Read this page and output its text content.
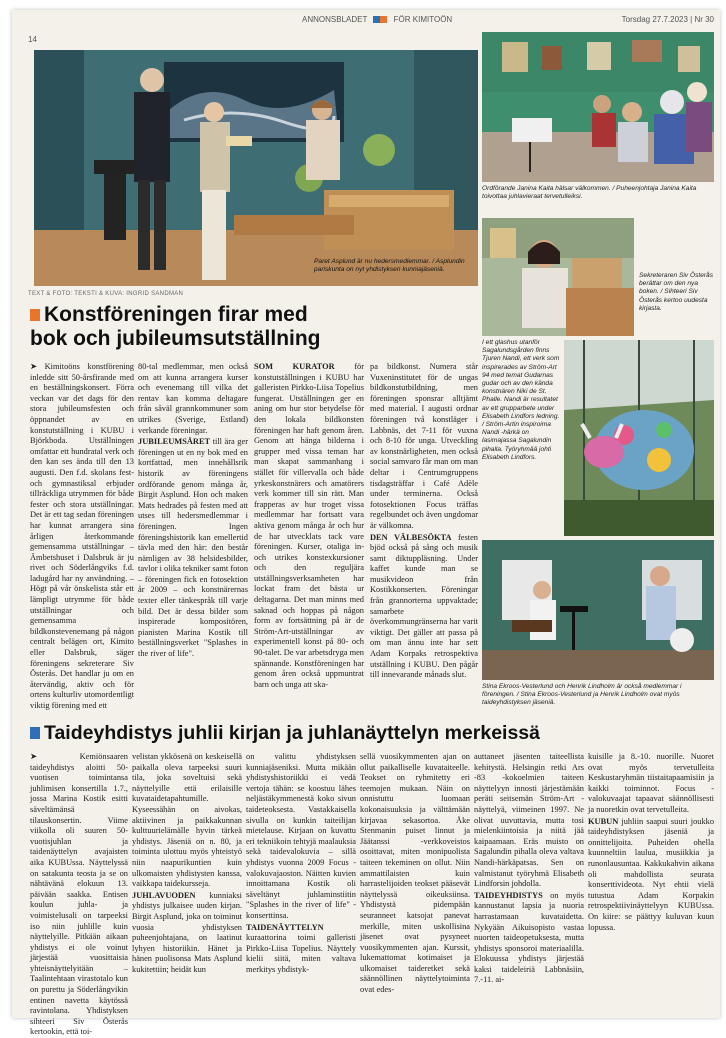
14
ANNONSBLADET	FÖR KIMITOÖN	Torsdag 27.7.2023 | Nr 30
Paret Asplund är nu hedersmedlemmar. / Asplundin pariskunta on nyt yhdistyksen kunniajäseniä.
TEXT & FOTO: TEKSTI & KUVA: INGRID SANDMAN
Ordförande Janina Kaita hälsar välkommen. / Puheenjohtaja Janina Kaita toivottaa juhlavieraat tervetulleiksi.
Sekreteraren Siv Österås berättar om den nya boken. / Sihteeri Siv Österås kertoo uudesta kirjasta.
I ett glashus utanför Sagalundsgården finns Tjuren Nandi, ett verk som inspirerades av Ström-Art 94 med temat Gudarnas gudar och av den kända konstnären Niki de St. Phalle. Nandi är resultatet av ett grupparbete under Elisabeth Lindfors ledning. / Ström-Artin inspiroima Nandi -härkä on lasimajassa Sagalundin pihalla. Työryhmää johti Elisabeth Lindfors.
Stina Ekroos-Vesterlund och Henrik Lindholm är också medlemmar i föreningen. / Stina Ekroos-Vesterlund ja Henrik Lindholm ovat myös taideyhdistyksen jäseniä.
Konstföreningen firar med
bok och jubileumsutställning

➤ Kimitoöns konstförening inledde sitt 50-årsfirande med en beställningskonsert. Förra veckan var det dags för den stora jubileumsfesten och öppnandet av en konstutställning i KUBU i Björkboda. Utställningen omfattar ett hundratal verk och den kan ses ända till den 13 augusti. Den f.d. skolans fest- och gymnastiksal erbjuder tillräckliga utrymmen för både fester och stora utställningar. Det är ett tag sedan föreningen har kunnat arrangera sina årligen återkommande gemensamma utställningar – Ämbetshuset i Dalsbruk är ju rivet och Söderlångviks f.d. ladugård har ny användning. – Högt på vår önskelista står ett lämpligt utrymme för både utställningar och gemensamma bildkonstevenemang på någon centralt belägen ort, Kimito eller Dalsbruk, säger föreningens sekreterare Siv Österås. Det handlar ju om en återvändig, aktiv och för ortens kulturliv utomordentligt viktig förening med ett

80-tal medlemmar, men också om att kunna arrangera kurser och evenemang till vilka det rentav kan komma deltagare från såväl grannkommuner som utrikes (Sverige, Estland) verkande föreningar.

JUBILEUMSÅRET till ära ger föreningen ut en ny bok med en kortfattad, men innehållsrik historik av föreningens ordförande genom många år, Birgit Asplund. Hon och maken Mats hedrades på festen med att utses till hedersmedlemmar i föreningen. Ingen föreningshistorik kan emellertid tävla med den här: den består nämligen av 38 helsidesbilder, tavlor i olika tekniker samt foton – föreningen fick en fotosektion år 2009 – och konstnärernas texter eller tänkespråk till varje bild. Det är dessa bilder som inspirerade kompositören, pianisten Marina Kostik till beställningsverket "Splashes in the river of life".

SOM KURATOR för konstutställningen i KUBU har galleristen Pirkko-Liisa Topelius fungerat. Utställningen ger en aning om hur stor betydelse för den lokala bildkonsten föreningen har haft genom åren. Genom att hänga bilderna i grupper med vissa teman har man skapat sammanhang i stället för villervalla och både yrkeskonstnärers och amatörers verk kommer till sin rätt. Man frapperas av hur troget vissa medlemmar har fortsatt vara aktiva genom många år och hur de har utvecklats tack vare föreningen. Kurser, otaliga in- och utrikes konstexkursioner och den reguljära utställningsverksamheten har lockat fram det bästa ur deltagarna. Det man minns med saknad och hoppas på någon form av fortsättning på är de Ström-Art-utställningar av experimentell konst på 80- och 90-talet. De var arbetsdryga men spännande. Konstföreningen har genom åren också uppmuntrat barn och unga att ska-

pa bildkonst. Numera står Vuxeninstitutet för de ungas bildkonstutbildning, men föreningen sponsrar alltjämt med material. I augusti ordnar föreningen två konstläger i Labbnäs, det 7-11 för vuxna och 8-10 för unga. Utveckling av konstnärligheten, men också social samvaro får man om man deltar i Centrumgruppens tisdagsträffar i Café Adèle under terminerna. Också fotosektionen Focus träffas regelbundet och även ungdomar är välkomna.

DEN VÄLBESÖKTA festen bjöd också på sång och musik samt diktuppläsning. Under kaffet kunde man se musikvideon från Kostikkonserten. Föreningar från grannorterna uppvaktade; samarbete överkommungränserna har varit viktigt. Det gäller att passa på om man ännu inte har sett Adam Korpaks retrospektiva utställning i KUBU. Den pågår till innevarande månads slut.

Taideyhdistys juhlii kirjan ja juhlanäyttelyn merkeissä

➤ Kemiönsaaren taideyhdistys aloitti 50-vuotisen toimintansa juhlimisen konsertilla 1.7., jossa Marina Kostik esitti säveltämänsä tilauskonsertin. Viime viikolla oli suuren 50-vuotisjuhlan ja taidenäyttelyn avajaisten aika KUBUssa. Näyttelyssä on satakunta teosta ja se on nähtävänä elokuun 13. päivään saakka. Entisen koulun juhla- ja voimistelusali on tarpeeksi iso niin juhlille kuin näyttelyille. Pitkään aikaan yhdistys ei ole voinut järjestää vuosittaisia yhteisnäyttelyitään – Taalintehtaan virastotalo kun on purettu ja Söderlångvikin entinen navetta käytössä ravintolana. Yhdistyksen sihteeri Siv Österås kertookin, että toi-

velistan ykkösenä on keskeisellä paikalla oleva tarpeeksi suuri tila, joka soveltuisi sekä näyttelyille että erilaisille kuvataidetapahtumille. Kyseessähän on aivokas, aktiivinen ja paikkakunnan kulttuurielämälle hyvin tärkeä yhdistys. Jäseniä on n. 80, ja toiminta ulottuu myös yhteistyö niin naapurikuntien kuin ulkomaisten yhdistysten kanssa, vaikkapa taidekursseja.

JUHLAVUODEN kunniaksi yhdistys julkaisee uuden kirjan. Birgit Asplund, joka on toiminut vuosia yhdistyksen puheenjohtajana, on laatinut lyhyen historiikin. Hänet ja hänen puolisonsa Mats Asplund kukitettiin; heidät kun

on valittu yhdistyksen kunniajäseniksi. Mutta mikään yhdistyshistoriikki ei vedä vertoja tähän: se koostuu lähes neljästäkymmenestä koko sivun taideteoksesta. Vastakkaisella sivulla on kunkin taiteilijan mietelause. Kirjaan on kuvattu eri tekniikoin tehtyjä maalauksia sekä taidevalokuvia – sillä yhdistys vuonna 2009 Focus -valokuvajaoston. Näitten kuvien innoittamana Kostik oli säveltänyt juhlaminstiitin "Splashes in the river of life" -konserttinsa.

TAIDENÄYTTELYN kuraattorina toimi galleristi Pirkko-Liisa Topelius. Näyttely kielii siitä, miten valtava merkitys yhdistyk-

sellä vuosikymmenten ajan on ollut paikalliselle kuvataiteelle. Teokset on ryhmitetty eri teemojen mukaan. Näin on onnistuttu luomaan kokonaisuuksia ja välttämään kirjavaa sekasortoa. Åke Stenmanin puiset linnut ja Jäätanssi -verkkoveistos osoittavat, miten monipuolista taiteen tekeminen on ollut. Niin ammattilaisten kuin harrastelijoiden teokset pääsevät näyttelyssä oikeuksiinsa. Yhdistystä pidempään seuranneet katsojat panevat merkille, miten uskollisina jäsenet ovat pysyneet vuosikymmenten ajan. Kurssit, lukemattomat kotimaiset ja ulkomaiset taideretket sekä säännöllinen näyttelytoiminta ovat edes-

auttaneet jäsenten taiteellista kehitystä. Helsingin retki Ars -83 -kokoelmien taiteen näyttelyyn innosti järjestämään peräti seitsemän Ström-Art -näyttelyä, viimeinen 1997. Ne olivat uuvuttavia, mutta tosi mielenkiintoisia ja niitä jää kaipaamaan. Eräs muisto on Sagalundin pihalla oleva valtava Nandi-härkäpatsas. Sen on valmistanut työryhmä Elisabeth Lindforsin johdolla.

TAIDEYHDISTYS on myös kannustanut lapsia ja nuoria harrastamaan kuvataidetta. Nykyään Aikuisopisto vastaa nuorten taideopetuksesta, mutta yhdistys sponsoroi materiaalilla. Elokuussa yhdistys järjestää kaksi taideleiriä Labbnäsiin, 7.-11. ai-

kuisille ja 8.-10. nuorille. Nuoret ovat myös tervetulleita Keskustaryhmän tiistaitapaamisiin ja kaikki toiminnot. Focus -valokuvaajat tapaavat säännöllisesti ja nuoretkin ovat tervetulleita.

KUBUN juhliin saapui suuri joukko taideyhdistyksen jäseniä ja onnittelijoita. Puheiden ohella kuunneltiin laulua, musiikkia ja runonlausuntaa. Kakkukahvin aikana oli mahdollista seurata konserttivideota. Nyt ehtii vielä tutustua Adam Korpakin retrospektiivinäyttelyyn KUBUssa. On kiire: se päättyy kuluvan kuun lopussa.
